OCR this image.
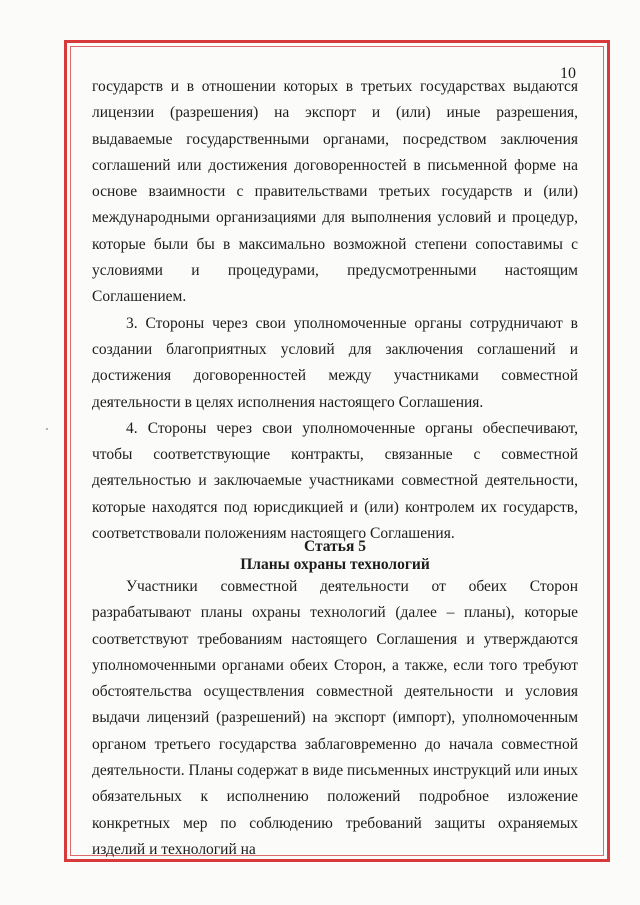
10

государств и в отношении которых в третьих государствах выдаются лицензии (разрешения) на экспорт и (или) иные разрешения, выдаваемые государственными органами, посредством заключения соглашений или достижения договоренностей в письменной форме на основе взаимности с правительствами третьих государств и (или) международными организациями для выполнения условий и процедур, которые были бы в максимально возможной степени сопоставимы с условиями и процедурами, предусмотренными настоящим Соглашением.

3. Стороны через свои уполномоченные органы сотрудничают в создании благоприятных условий для заключения соглашений и достижения договоренностей между участниками совместной деятельности в целях исполнения настоящего Соглашения.

4. Стороны через свои уполномоченные органы обеспечивают, чтобы соответствующие контракты, связанные с совместной деятельностью и заключаемые участниками совместной деятельности, которые находятся под юрисдикцией и (или) контролем их государств, соответствовали положениям настоящего Соглашения.

Статья 5
Планы охраны технологий

Участники совместной деятельности от обеих Сторон разрабатывают планы охраны технологий (далее – планы), которые соответствуют требованиям настоящего Соглашения и утверждаются уполномоченными органами обеих Сторон, а также, если того требуют обстоятельства осуществления совместной деятельности и условия выдачи лицензий (разрешений) на экспорт (импорт), уполномоченным органом третьего государства заблаговременно до начала совместной деятельности. Планы содержат в виде письменных инструкций или иных обязательных к исполнению положений подробное изложение конкретных мер по соблюдению требований защиты охраняемых изделий и технологий на
